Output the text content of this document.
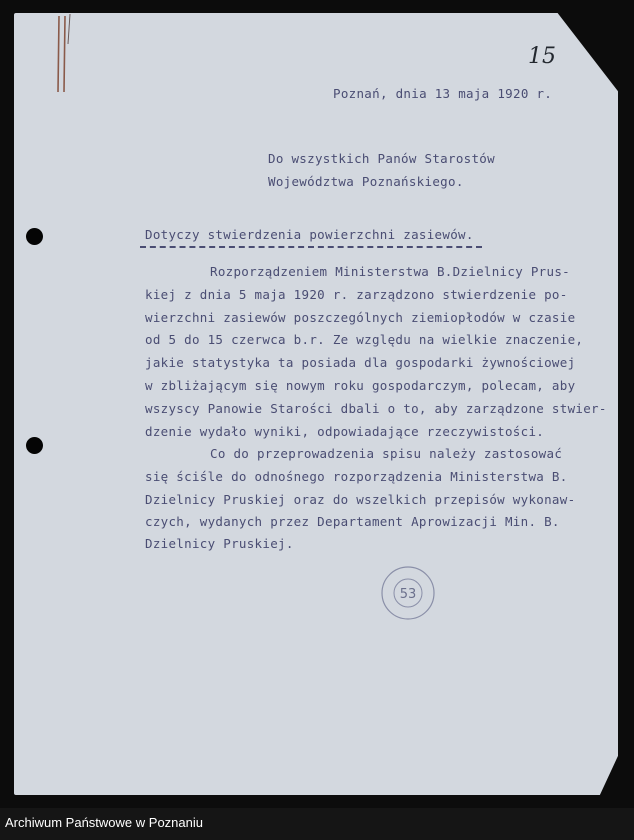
15
Poznań, dnia 13 maja 1920 r.
Do wszystkich Panów Starostów
Województwa Poznańskiego.
Dotyczy stwierdzenia powierzchni zasiewów.
Rozporządzeniem Ministerstwa B.Dzielnicy Prus-
kiej z dnia 5 maja 1920 r. zarządzono stwierdzenie po-
wierzchni zasiewów poszczególnych ziemiopłodów w czasie
od 5 do 15 czerwca b.r. Ze względu na wielkie znaczenie,
jakie statystyka ta posiada dla gospodarki żywnościowej
w zbliżającym się nowym roku gospodarczym, polecam, aby
wszyscy Panowie Starości dbali o to, aby zarządzone stwier-
dzenie wydało wyniki, odpowiadające rzeczywistości.
Co do przeprowadzenia spisu należy zastosować
się ściśle do odnośnego rozporządzenia Ministerstwa B.
Dzielnicy Pruskiej oraz do wszelkich przepisów wykonaw-
czych, wydanych przez Departament Aprowizacji Min. B.
Dzielnicy Pruskiej.
53
Archiwum Państwowe w Poznaniu
